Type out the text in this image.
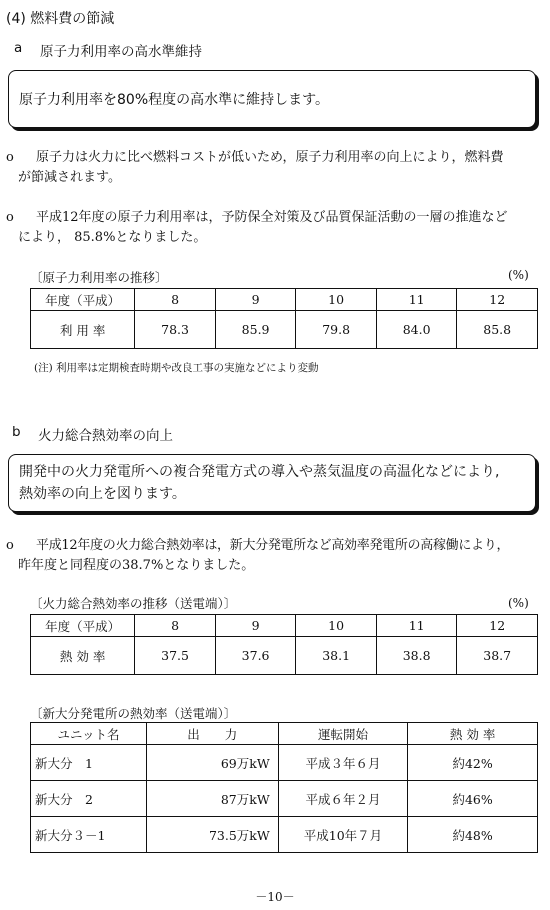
(4) 燃料費の節減
a 原子力利用率の高水準維持
原子力利用率を80%程度の高水準に維持します。
o 原子力は火力に比べ燃料コストが低いため，原子力利用率の向上により，燃料費
が節減されます。
o 平成12年度の原子力利用率は，予防保全対策及び品質保証活動の一層の推進など
により， 85.8%となりました。
〔原子力利用率の推移〕	(%)
年度（平成）	8	9	10	11	12
利 用 率	78.3	85.9	79.8	84.0	85.8
(注) 利用率は定期検査時期や改良工事の実施などにより変動
b 火力総合熱効率の向上
開発中の火力発電所への複合発電方式の導入や蒸気温度の高温化などにより,
熱効率の向上を図ります。
o 平成12年度の火力総合熱効率は，新大分発電所など高効率発電所の高稼働により，
昨年度と同程度の38.7%となりました。
〔火力総合熱効率の推移（送電端）〕	(%)
年度（平成）	8	9	10	11	12
熱 効 率	37.5	37.6	38.1	38.8	38.7
〔新大分発電所の熱効率（送電端）〕
ユニット名	出　　力	運転開始	熱 効 率
新大分　1	69万kW	平成３年６月	約42%
新大分　2	87万kW	平成６年２月	約46%
新大分３－1	73.5万kW	平成10年７月	約48%
－10－
